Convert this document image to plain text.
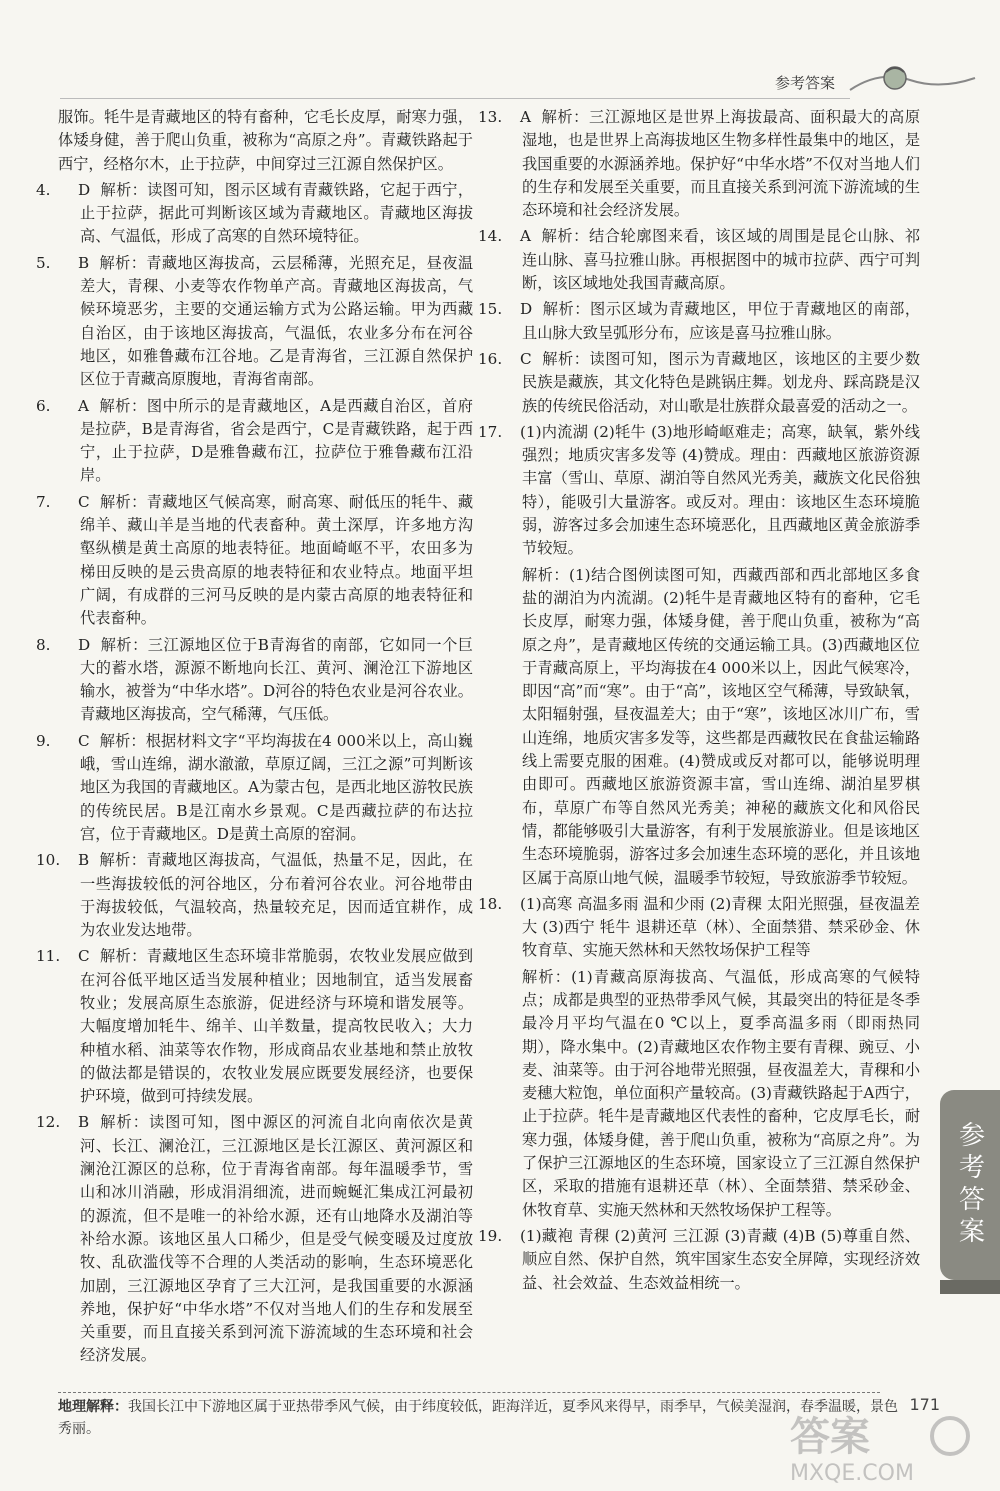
参考答案
服饰。牦牛是青藏地区的特有畜种，它毛长皮厚，耐寒力强，体矮身健，善于爬山负重，被称为“高原之舟”。青藏铁路起于西宁，经格尔木，止于拉萨，中间穿过三江源自然保护区。
4. D 解析：读图可知，图示区域有青藏铁路，它起于西宁，止于拉萨，据此可判断该区域为青藏地区。青藏地区海拔高、气温低，形成了高寒的自然环境特征。
5. B 解析：青藏地区海拔高，云层稀薄，光照充足，昼夜温差大，青稞、小麦等农作物单产高。青藏地区海拔高，气候环境恶劣，主要的交通运输方式为公路运输。甲为西藏自治区，由于该地区海拔高，气温低，农业多分布在河谷地区，如雅鲁藏布江谷地。乙是青海省，三江源自然保护区位于青藏高原腹地，青海省南部。
6. A 解析：图中所示的是青藏地区，A是西藏自治区，首府是拉萨，B是青海省，省会是西宁，C是青藏铁路，起于西宁，止于拉萨，D是雅鲁藏布江，拉萨位于雅鲁藏布江沿岸。
7. C 解析：青藏地区气候高寒，耐高寒、耐低压的牦牛、藏绵羊、藏山羊是当地的代表畜种。黄土深厚，许多地方沟壑纵横是黄土高原的地表特征。地面崎岖不平，农田多为梯田反映的是云贵高原的地表特征和农业特点。地面平坦广阔，有成群的三河马反映的是内蒙古高原的地表特征和代表畜种。
8. D 解析：三江源地区位于B青海省的南部，它如同一个巨大的蓄水塔，源源不断地向长江、黄河、澜沧江下游地区输水，被誉为“中华水塔”。D河谷的特色农业是河谷农业。青藏地区海拔高，空气稀薄，气压低。
9. C 解析：根据材料文字“平均海拔在4 000米以上，高山巍峨，雪山连绵，湖水澈澈，草原辽阔，三江之源”可判断该地区为我国的青藏地区。A为蒙古包，是西北地区游牧民族的传统民居。B是江南水乡景观。C是西藏拉萨的布达拉宫，位于青藏地区。D是黄土高原的窑洞。
10. B 解析：青藏地区海拔高，气温低，热量不足，因此，在一些海拔较低的河谷地区，分布着河谷农业。河谷地带由于海拔较低，气温较高，热量较充足，因而适宜耕作，成为农业发达地带。
11. C 解析：青藏地区生态环境非常脆弱，农牧业发展应做到在河谷低平地区适当发展种植业；因地制宜，适当发展畜牧业；发展高原生态旅游，促进经济与环境和谐发展等。大幅度增加牦牛、绵羊、山羊数量，提高牧民收入；大力种植水稻、油菜等农作物，形成商品农业基地和禁止放牧的做法都是错误的，农牧业发展应既要发展经济，也要保护环境，做到可持续发展。
12. B 解析：读图可知，图中源区的河流自北向南依次是黄河、长江、澜沧江，三江源地区是长江源区、黄河源区和澜沧江源区的总称，位于青海省南部。每年温暖季节，雪山和冰川消融，形成涓涓细流，进而蜿蜒汇集成江河最初的源流，但不是唯一的补给水源，还有山地降水及湖泊等补给水源。该地区虽人口稀少，但是受气候变暖及过度放牧、乱砍滥伐等不合理的人类活动的影响，生态环境恶化加剧，三江源地区孕育了三大江河，是我国重要的水源涵养地，保护好“中华水塔”不仅对当地人们的生存和发展至关重要，而且直接关系到河流下游流域的生态环境和社会经济发展。
13. A 解析：三江源地区是世界上海拔最高、面积最大的高原湿地，也是世界上高海拔地区生物多样性最集中的地区，是我国重要的水源涵养地。保护好“中华水塔”不仅对当地人们的生存和发展至关重要，而且直接关系到河流下游流域的生态环境和社会经济发展。
14. A 解析：结合轮廓图来看，该区域的周围是昆仑山脉、祁连山脉、喜马拉雅山脉。再根据图中的城市拉萨、西宁可判断，该区域地处我国青藏高原。
15. D 解析：图示区域为青藏地区，甲位于青藏地区的南部，且山脉大致呈弧形分布，应该是喜马拉雅山脉。
16. C 解析：读图可知，图示为青藏地区，该地区的主要少数民族是藏族，其文化特色是跳锅庄舞。划龙舟、踩高跷是汉族的传统民俗活动，对山歌是壮族群众最喜爱的活动之一。
17. (1)内流湖 (2)牦牛 (3)地形崎岖难走；高寒，缺氧，紫外线强烈；地质灾害多发等 (4)赞成。理由：西藏地区旅游资源丰富（雪山、草原、湖泊等自然风光秀美，藏族文化民俗独特），能吸引大量游客。或反对。理由：该地区生态环境脆弱，游客过多会加速生态环境恶化，且西藏地区黄金旅游季节较短。
解析：(1)结合图例读图可知，西藏西部和西北部地区多食盐的湖泊为内流湖。(2)牦牛是青藏地区特有的畜种，它毛长皮厚，耐寒力强，体矮身健，善于爬山负重，被称为“高原之舟”，是青藏地区传统的交通运输工具。(3)西藏地区位于青藏高原上，平均海拔在4 000米以上，因此气候寒冷，即因“高”而“寒”。由于“高”，该地区空气稀薄，导致缺氧，太阳辐射强，昼夜温差大；由于“寒”，该地区冰川广布，雪山连绵，地质灾害多发等，这些都是西藏牧民在食盐运输路线上需要克服的困难。(4)赞成或反对都可以，能够说明理由即可。西藏地区旅游资源丰富，雪山连绵、湖泊星罗棋布，草原广布等自然风光秀美；神秘的藏族文化和风俗民情，都能够吸引大量游客，有利于发展旅游业。但是该地区生态环境脆弱，游客过多会加速生态环境的恶化，并且该地区属于高原山地气候，温暖季节较短，导致旅游季节较短。
18. (1)高寒 高温多雨 温和少雨 (2)青稞 太阳光照强，昼夜温差大 (3)西宁 牦牛 退耕还草（林）、全面禁猎、禁采砂金、休牧育草、实施天然林和天然牧场保护工程等
解析：(1)青藏高原海拔高、气温低，形成高寒的气候特点；成都是典型的亚热带季风气候，其最突出的特征是冬季最冷月平均气温在0 ℃以上，夏季高温多雨（即雨热同期），降水集中。(2)青藏地区农作物主要有青稞、豌豆、小麦、油菜等。由于河谷地带光照强，昼夜温差大，青稞和小麦穗大粒饱，单位面积产量较高。(3)青藏铁路起于A西宁，止于拉萨。牦牛是青藏地区代表性的畜种，它皮厚毛长，耐寒力强，体矮身健，善于爬山负重，被称为“高原之舟”。为了保护三江源地区的生态环境，国家设立了三江源自然保护区，采取的措施有退耕还草（林）、全面禁猎、禁采砂金、休牧育草、实施天然林和天然牧场保护工程等。
19. (1)藏袍 青稞 (2)黄河 三江源 (3)青藏 (4)B (5)尊重自然、顺应自然、保护自然，筑牢国家生态安全屏障，实现经济效益、社会效益、生态效益相统一。
参考答案
地理解释：我国长江中下游地区属于亚热带季风气候，由于纬度较低，距海洋近，夏季风来得早，雨季早，气候美湿润，春季温暖，景色秀丽。
171
答案
MXQE.COM
